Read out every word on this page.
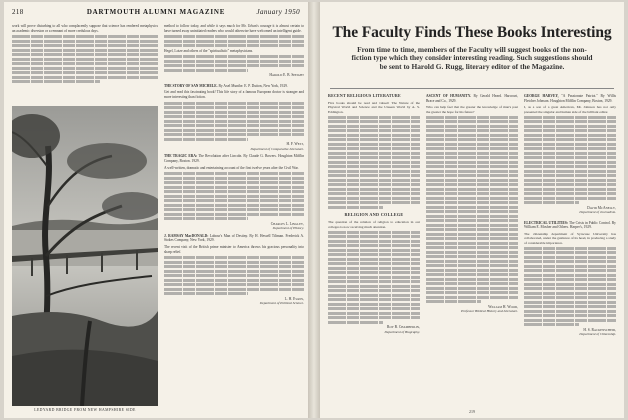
218	DARTMOUTH ALUMNI MAGAZINE	January 1950

work will prove disturbing to all who complacently suppose that science has rendered metaphysics an academic diversion or a remnant of more credulous days.

LEDYARD BRIDGE FROM NEW HAMPSHIRE SIDE

method to follow today, and while it says much for Mr. Urban's courage it is almost certain to have turned away uninitiated readers who would otherwise have welcomed an intelligent guide.

Hegel, Lotze and others of the "spiritualistic" metaphysicians.

Harold E. B. Speight

THE STORY OF SAN MICHELE. By Axel Munthe. E. P. Dutton, New York, 1929.

Get and read this fascinating book! This life story of a famous European doctor is stranger and more interesting than fiction.

H. F. West,
Department of Comparative Literature.

THE TRAGIC ERA: The Revolution after Lincoln. By Claude G. Bowers. Houghton Mifflin Company, Boston. 1929.

A well-written, dramatic and entertaining account of the first twelve years after the Civil War.

Charles L. Lingley,
Department of History.

J. RAMSAY MacDONALD: Labour's Man of Destiny. By H. Hessell Tiltman. Frederick A. Stokes Company, New York, 1929.

The recent visit of the British prime minister to America throws his gracious personality into sharp relief.

L. H. Evans,
Department of Political Science.
The Faculty Finds These Books Interesting
From time to time, members of the Faculty will suggest books of the non-fiction type which they consider interesting reading. Such suggestions should be sent to Harold G. Rugg, literary editor of the Magazine.
RECENT RELIGIOUS LITERATURE

Five books should be read and valued: The Nature of the Physical World and Science and the Unseen World by A. S. Eddington.

RELIGION AND COLLEGE

The question of the relation of religion to education in our colleges is now receiving much attention.

Roy B. Chamberlin,
Department of Biography.
ASCENT OF HUMANITY. By Gerald Heard. Harcourt, Brace and Co., 1929.

Who can help feel that the greater the knowledge of man's past the greater the hope for his future?

William H. Wood,
Professor Biblical History and Literature.
GEORGE HARVEY, "A Passionate Patriot." By Willis Fletcher Johnson. Houghton Mifflin Company, Boston, 1929.

I, as a son of a great American, Mr. Johnson has not only presented the singular and human side of the brilliant editor.

David McAnelly,
Department of Journalism.
ELECTRICAL UTILITIES: The Crisis in Public Control. By William E. Mosher and Others. Harper's, 1929.

The citizenship department of Syracuse University has collaborated, under the guidance of its head, in producing a study of considerable importance.

H. S. Rackenscheid,
Department of Citizenship.
219
